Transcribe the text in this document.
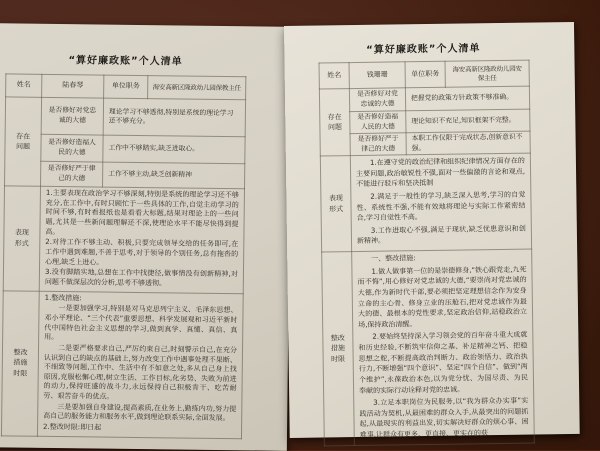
“算好廉政账”个人清单
姓名	陆春琴	单位职务	海安高新区隆政幼儿园保教主任
存在问题	是否修好对党忠诚的大德	理论学习不够透彻,特别是系统的理论学习还不够充分。	
	是否修好造福人民的大德	工作中不够踏实,缺乏进取心。	
	是否修好严于律己的大德	工作不够主动,缺乏创新精神	
表现形式	1.主要表现在政治学习不够深刻,特别是系统的理论学习还不够充分,在工作中,有时只顾忙于一些具体的工作,自觉主动学习的时间不够,有时看报纸也是看看大标题,结果对理论上的一些问题,尤其是一些新问题理解还不深,使理论水平不能尽快得到提高。

2.对待工作不够主动、积极,只要完成领导交给的任务即可,在工作中遇到难题,不善于思考,对于领导的个别任务,总有拖沓的心理,缺乏上进心。

3.没有脚踏实地,总想在工作中找捷径,做事情没有创新精神,对问题不做深层次的分析,思考不够透彻。		

整改措施时限	1.整改措施:

一是要加强学习,特别是对马克思列宁主义、毛泽东思想、邓小平理论、“三个代表”重要思想、科学发展观和习近平新时代中国特色社会主义思想的学习,做到真学、真懂、真信、真用。

二是要严格要求自己,严厉约束自己,时刻警示自己,在充分认识到自己的缺点的基础上,努力改变工作中遇事处理不果断、不细致等问题,工作中、生活中有不如意之处,多从自己身上找原因,克服松懈心理,树立生活、工作目标,化劣势、失败为前进的动力,保持旺盛的战斗力,永远保持自己积极肯干、吃苦耐劳、艰苦奋斗的优点。

三是要加强自身建设,提高素质,在业务上,勤练内功,努力提高自己的服务能力和服务水平,做到理论联系实际,全面发展。

2.整改时限:即日起		

“算好廉政账”个人清单
姓名	钱珊珊	单位职务	海安高新区隆政幼儿园安保主任
存在问题	是否修好对党忠诚的大德	把握党的政策方针政策不够准确。	
	是否修好造福人民的大德	理论知识不充足,知识框架不完整。	
	是否修好严于律己的大德	本职工作仅限于完成状态,创新意识不强。	
表现形式	1.在遵守党的政治纪律和组织纪律情况方面存在的主要问题,政治敏锐性不强,面对一些偏激的言论和观点,不能进行驳斥和坚决抵制

2.满足于一般性的学习,缺乏深入思考,学习的自觉性、系统性不强,不能有效地将理论与实际工作紧密结合,学习自觉性不高。

3.工作进取心不强,满足于现状,缺乏忧患意识和创新精神。		

整改措施时限	一、整改措施:

1.做人做事第一位的是崇德修身,“铁心跟党走,九死而不悔”,用心修好对党忠诚的大德,“要崇尚对党忠诚的大德,作为新时代干部,要必须把坚定理想信念作为安身立命的主心骨、修身立业的压舱石,把对党忠诚作为最大的德、最根本的党性要求,坚定政治信仰,站稳政治立场,保持政治清醒。

2.要始终坚持深入学习领会党的百年奋斗重大成就和历史经验,不断筑牢信仰之基、补足精神之钙、把稳思想之舵,不断提高政治判断力、政治领悟力、政治执行力,不断增强“四个意识”、坚定“四个自信”、做到“两个维护”,永葆政治本色,以为党分忧、为国尽责、为民奉献的实际行动诠释对党的忠诚。

3.立足本职岗位为民服务,以“我为群众办实事”实践活动为契机,从最困难的群众入手,从最突出的问题抓起,从最现实的利益出发,切实解决好群众的烦心事、困难事,让群众有更多、更直接、更实在的获		
